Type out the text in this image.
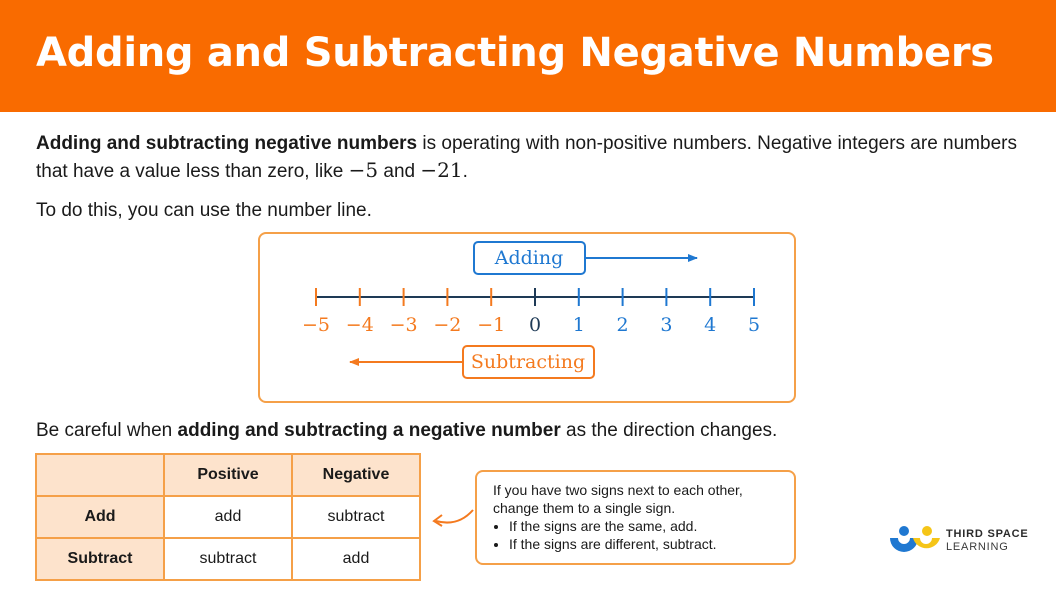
Adding and Subtracting Negative Numbers

Adding and subtracting negative numbers is operating with non-positive numbers. Negative integers are numbers that have a value less than zero, like −5 and −21.

To do this, you can use the number line.

Adding
−5 −4 −3 −2 −1 0 1 2 3 4 5
Subtracting

Be careful when adding and subtracting a negative number as the direction changes.

	Positive	Negative
Add	add	subtract
Subtract	subtract	add
If you have two signs next to each other, change them to a single sign.
• If the signs are the same, add.
• If the signs are different, subtract.
THIRD SPACE
LEARNING
